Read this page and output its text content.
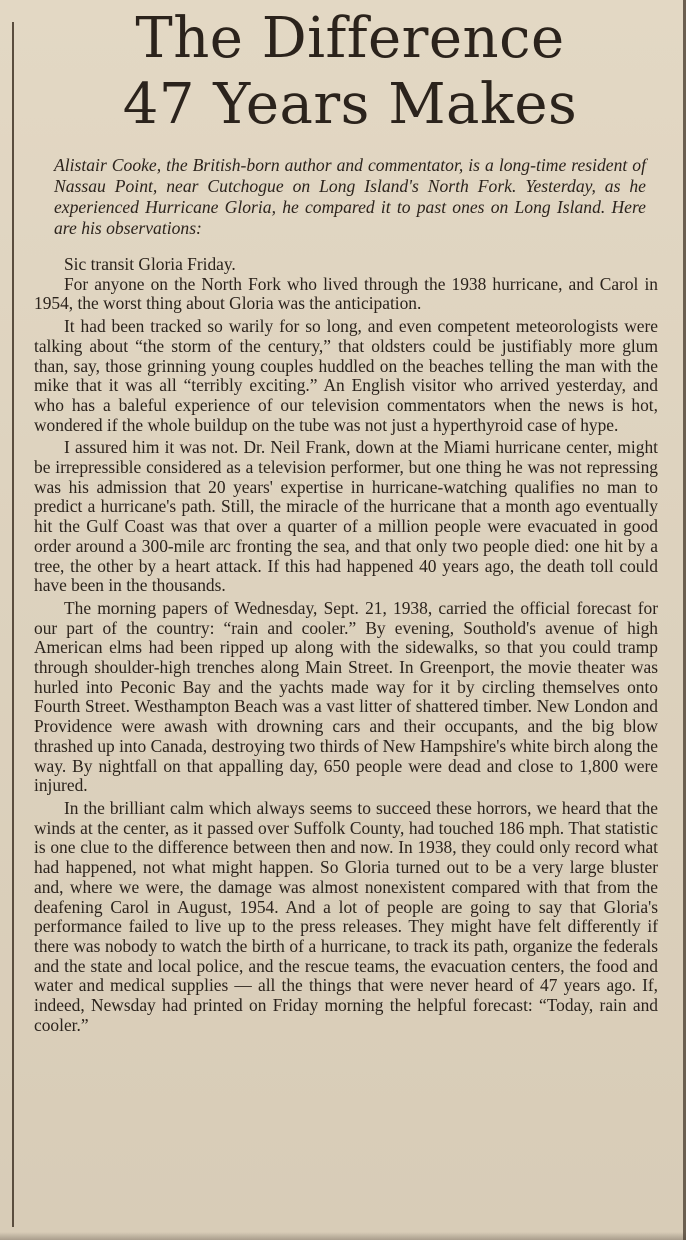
The Difference
47 Years Makes
Alistair Cooke, the British-born author and commentator, is a long-time resident of Nassau Point, near Cutchogue on Long Island's North Fork. Yesterday, as he experienced Hurricane Gloria, he compared it to past ones on Long Island. Here are his observations:

Sic transit Gloria Friday.

For anyone on the North Fork who lived through the 1938 hurricane, and Carol in 1954, the worst thing about Gloria was the anticipation.

It had been tracked so warily for so long, and even competent meteorologists were talking about “the storm of the century,” that oldsters could be justifiably more glum than, say, those grinning young couples huddled on the beaches telling the man with the mike that it was all “terribly exciting.” An English visitor who arrived yesterday, and who has a baleful experience of our television commentators when the news is hot, wondered if the whole buildup on the tube was not just a hyperthyroid case of hype.

I assured him it was not. Dr. Neil Frank, down at the Miami hurricane center, might be irrepressible considered as a television performer, but one thing he was not repressing was his admission that 20 years' expertise in hurricane-watching qualifies no man to predict a hurricane's path. Still, the miracle of the hurricane that a month ago eventually hit the Gulf Coast was that over a quarter of a million people were evacuated in good order around a 300-mile arc fronting the sea, and that only two people died: one hit by a tree, the other by a heart attack. If this had happened 40 years ago, the death toll could have been in the thousands.

The morning papers of Wednesday, Sept. 21, 1938, carried the official forecast for our part of the country: “rain and cooler.” By evening, Southold's avenue of high American elms had been ripped up along with the sidewalks, so that you could tramp through shoulder-high trenches along Main Street. In Greenport, the movie theater was hurled into Peconic Bay and the yachts made way for it by circling themselves onto Fourth Street. Westhampton Beach was a vast litter of shattered timber. New London and Providence were awash with drowning cars and their occupants, and the big blow thrashed up into Canada, destroying two thirds of New Hampshire's white birch along the way. By nightfall on that appalling day, 650 people were dead and close to 1,800 were injured.

In the brilliant calm which always seems to succeed these horrors, we heard that the winds at the center, as it passed over Suffolk County, had touched 186 mph. That statistic is one clue to the difference between then and now. In 1938, they could only record what had happened, not what might happen. So Gloria turned out to be a very large bluster and, where we were, the damage was almost nonexistent compared with that from the deafening Carol in August, 1954. And a lot of people are going to say that Gloria's performance failed to live up to the press releases. They might have felt differently if there was nobody to watch the birth of a hurricane, to track its path, organize the federals and the state and local police, and the rescue teams, the evacuation centers, the food and water and medical supplies — all the things that were never heard of 47 years ago. If, indeed, Newsday had printed on Friday morning the helpful forecast: “Today, rain and cooler.”
